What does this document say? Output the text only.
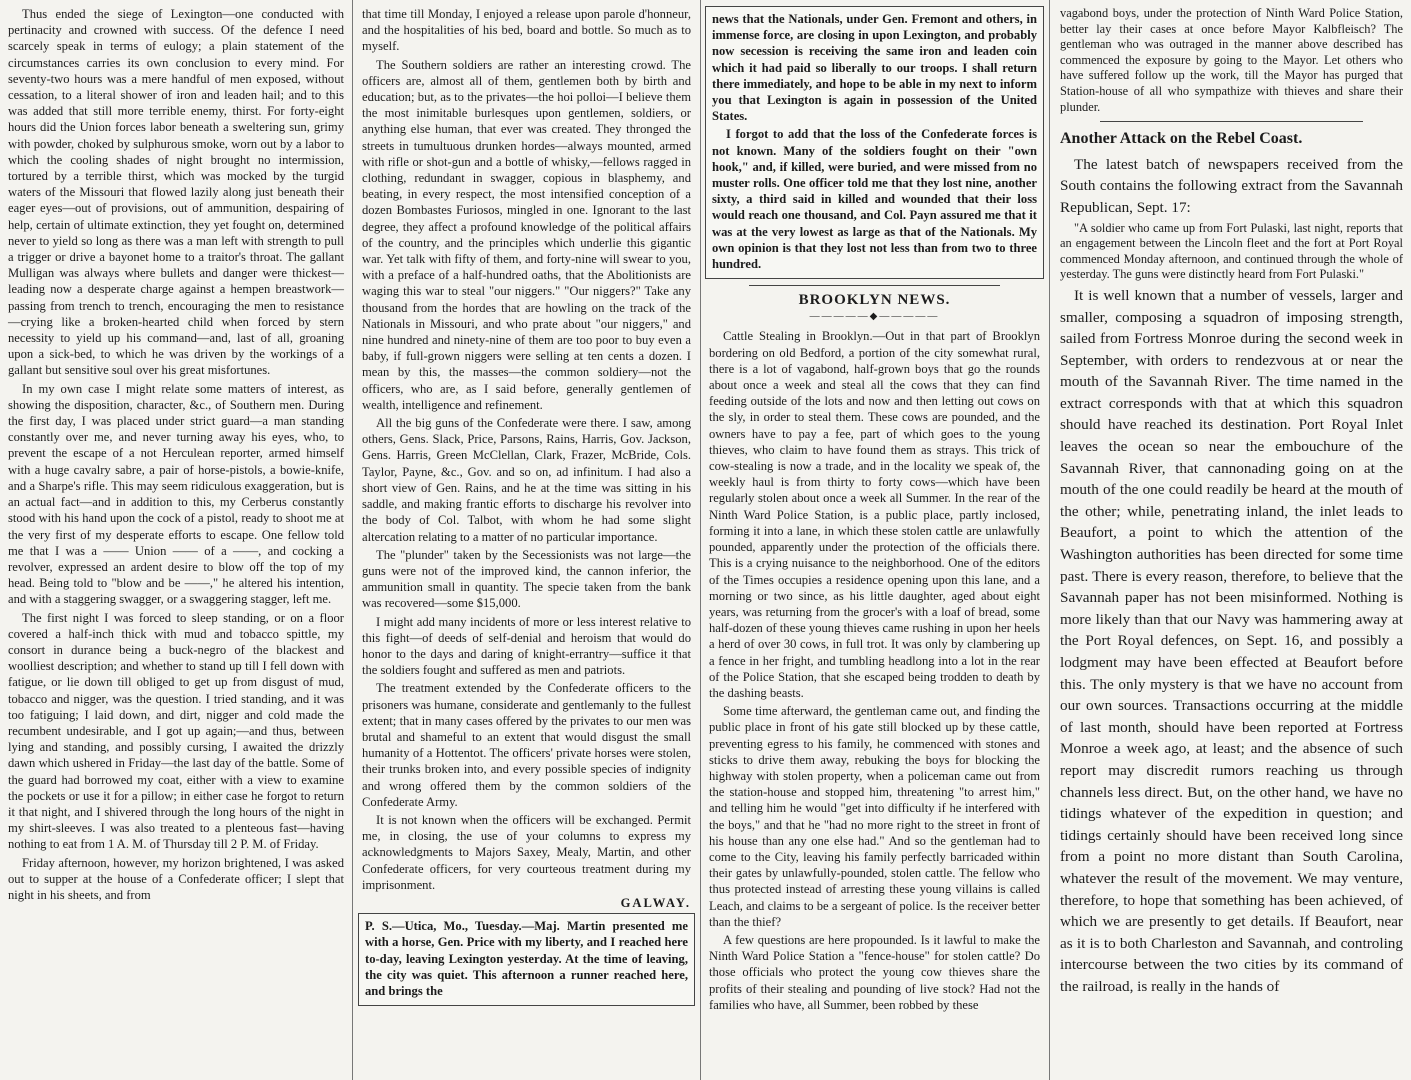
Thus ended the siege of Lexington—one conducted with pertinacity and crowned with success. Of the defence I need scarcely speak in terms of eulogy; a plain statement of the circumstances carries its own conclusion to every mind. For seventy-two hours was a mere handful of men exposed, without cessation, to a literal shower of iron and leaden hail; and to this was added that still more terrible enemy, thirst. For forty-eight hours did the Union forces labor beneath a sweltering sun, grimy with powder, choked by sulphurous smoke, worn out by a labor to which the cooling shades of night brought no intermission, tortured by a terrible thirst, which was mocked by the turgid waters of the Missouri that flowed lazily along just beneath their eager eyes—out of provisions, out of ammunition, despairing of help, certain of ultimate extinction, they yet fought on, determined never to yield so long as there was a man left with strength to pull a trigger or drive a bayonet home to a traitor's throat. The gallant Mulligan was always where bullets and danger were thickest—leading now a desperate charge against a hempen breastwork—passing from trench to trench, encouraging the men to resistance—crying like a broken-hearted child when forced by stern necessity to yield up his command—and, last of all, groaning upon a sick-bed, to which he was driven by the workings of a gallant but sensitive soul over his great misfortunes.

In my own case I might relate some matters of interest, as showing the disposition, character, &c., of Southern men. During the first day, I was placed under strict guard—a man standing constantly over me, and never turning away his eyes, who, to prevent the escape of a not Herculean reporter, armed himself with a huge cavalry sabre, a pair of horse-pistols, a bowie-knife, and a Sharpe's rifle. This may seem ridiculous exaggeration, but is an actual fact—and in addition to this, my Cerberus constantly stood with his hand upon the cock of a pistol, ready to shoot me at the very first of my desperate efforts to escape. One fellow told me that I was a —— Union —— of a ——, and cocking a revolver, expressed an ardent desire to blow off the top of my head. Being told to "blow and be ——," he altered his intention, and with a staggering swagger, or a swaggering stagger, left me.

The first night I was forced to sleep standing, or on a floor covered a half-inch thick with mud and tobacco spittle, my consort in durance being a buck-negro of the blackest and woolliest description; and whether to stand up till I fell down with fatigue, or lie down till obliged to get up from disgust of mud, tobacco and nigger, was the question. I tried standing, and it was too fatiguing; I laid down, and dirt, nigger and cold made the recumbent undesirable, and I got up again;—and thus, between lying and standing, and possibly cursing, I awaited the drizzly dawn which ushered in Friday—the last day of the battle. Some of the guard had borrowed my coat, either with a view to examine the pockets or use it for a pillow; in either case he forgot to return it that night, and I shivered through the long hours of the night in my shirt-sleeves. I was also treated to a plenteous fast—having nothing to eat from 1 A. M. of Thursday till 2 P. M. of Friday.

Friday afternoon, however, my horizon brightened, I was asked out to supper at the house of a Confederate officer; I slept that night in his sheets, and from

that time till Monday, I enjoyed a release upon parole d'honneur, and the hospitalities of his bed, board and bottle. So much as to myself.

The Southern soldiers are rather an interesting crowd. The officers are, almost all of them, gentlemen both by birth and education; but, as to the privates—the hoi polloi—I believe them the most inimitable burlesques upon gentlemen, soldiers, or anything else human, that ever was created. They thronged the streets in tumultuous drunken hordes—always mounted, armed with rifle or shot-gun and a bottle of whisky,—fellows ragged in clothing, redundant in swagger, copious in blasphemy, and beating, in every respect, the most intensified conception of a dozen Bombastes Furiosos, mingled in one. Ignorant to the last degree, they affect a profound knowledge of the political affairs of the country, and the principles which underlie this gigantic war. Yet talk with fifty of them, and forty-nine will swear to you, with a preface of a half-hundred oaths, that the Abolitionists are waging this war to steal "our niggers." "Our niggers?" Take any thousand from the hordes that are howling on the track of the Nationals in Missouri, and who prate about "our niggers," and nine hundred and ninety-nine of them are too poor to buy even a baby, if full-grown niggers were selling at ten cents a dozen. I mean by this, the masses—the common soldiery—not the officers, who are, as I said before, generally gentlemen of wealth, intelligence and refinement.

All the big guns of the Confederate were there. I saw, among others, Gens. Slack, Price, Parsons, Rains, Harris, Gov. Jackson, Gens. Harris, Green McClellan, Clark, Frazer, McBride, Cols. Taylor, Payne, &c., Gov. and so on, ad infinitum. I had also a short view of Gen. Rains, and he at the time was sitting in his saddle, and making frantic efforts to discharge his revolver into the body of Col. Talbot, with whom he had some slight altercation relating to a matter of no particular importance.

The "plunder" taken by the Secessionists was not large—the guns were not of the improved kind, the cannon inferior, the ammunition small in quantity. The specie taken from the bank was recovered—some $15,000.

I might add many incidents of more or less interest relative to this fight—of deeds of self-denial and heroism that would do honor to the days and daring of knight-errantry—suffice it that the soldiers fought and suffered as men and patriots.

The treatment extended by the Confederate officers to the prisoners was humane, considerate and gentlemanly to the fullest extent; that in many cases offered by the privates to our men was brutal and shameful to an extent that would disgust the small humanity of a Hottentot. The officers' private horses were stolen, their trunks broken into, and every possible species of indignity and wrong offered them by the common soldiers of the Confederate Army.

It is not known when the officers will be exchanged. Permit me, in closing, the use of your columns to express my acknowledgments to Majors Saxey, Mealy, Martin, and other Confederate officers, for very courteous treatment during my imprisonment.

GALWAY.

P. S.—Utica, Mo., Tuesday.—Maj. Martin presented me with a horse, Gen. Price with my liberty, and I reached here to-day, leaving Lexington yesterday. At the time of leaving, the city was quiet. This afternoon a runner reached here, and brings the

news that the Nationals, under Gen. Fremont and others, in immense force, are closing in upon Lexington, and probably now secession is receiving the same iron and leaden coin which it had paid so liberally to our troops. I shall return there immediately, and hope to be able in my next to inform you that Lexington is again in possession of the United States.

I forgot to add that the loss of the Confederate forces is not known. Many of the soldiers fought on their "own hook," and, if killed, were buried, and were missed from no muster rolls. One officer told me that they lost nine, another sixty, a third said in killed and wounded that their loss would reach one thousand, and Col. Payn assured me that it was at the very lowest as large as that of the Nationals. My own opinion is that they lost not less than from two to three hundred.

BROOKLYN NEWS.
—————◆—————

Cattle Stealing in Brooklyn.—Out in that part of Brooklyn bordering on old Bedford, a portion of the city somewhat rural, there is a lot of vagabond, half-grown boys that go the rounds about once a week and steal all the cows that they can find feeding outside of the lots and now and then letting out cows on the sly, in order to steal them. These cows are pounded, and the owners have to pay a fee, part of which goes to the young thieves, who claim to have found them as strays. This trick of cow-stealing is now a trade, and in the locality we speak of, the weekly haul is from thirty to forty cows—which have been regularly stolen about once a week all Summer. In the rear of the Ninth Ward Police Station, is a public place, partly inclosed, forming it into a lane, in which these stolen cattle are unlawfully pounded, apparently under the protection of the officials there. This is a crying nuisance to the neighborhood. One of the editors of the Times occupies a residence opening upon this lane, and a morning or two since, as his little daughter, aged about eight years, was returning from the grocer's with a loaf of bread, some half-dozen of these young thieves came rushing in upon her heels a herd of over 30 cows, in full trot. It was only by clambering up a fence in her fright, and tumbling headlong into a lot in the rear of the Police Station, that she escaped being trodden to death by the dashing beasts.

Some time afterward, the gentleman came out, and finding the public place in front of his gate still blocked up by these cattle, preventing egress to his family, he commenced with stones and sticks to drive them away, rebuking the boys for blocking the highway with stolen property, when a policeman came out from the station-house and stopped him, threatening "to arrest him," and telling him he would "get into difficulty if he interfered with the boys," and that he "had no more right to the street in front of his house than any one else had." And so the gentleman had to come to the City, leaving his family perfectly barricaded within their gates by unlawfully-pounded, stolen cattle. The fellow who thus protected instead of arresting these young villains is called Leach, and claims to be a sergeant of police. Is the receiver better than the thief?

A few questions are here propounded. Is it lawful to make the Ninth Ward Police Station a "fence-house" for stolen cattle? Do those officials who protect the young cow thieves share the profits of their stealing and pounding of live stock? Had not the families who have, all Summer, been robbed by these

vagabond boys, under the protection of Ninth Ward Police Station, better lay their cases at once before Mayor Kalbfleisch? The gentleman who was outraged in the manner above described has commenced the exposure by going to the Mayor. Let others who have suffered follow up the work, till the Mayor has purged that Station-house of all who sympathize with thieves and share their plunder.

Another Attack on the Rebel Coast.

The latest batch of newspapers received from the South contains the following extract from the Savannah Republican, Sept. 17:

"A soldier who came up from Fort Pulaski, last night, reports that an engagement between the Lincoln fleet and the fort at Port Royal commenced Monday afternoon, and continued through the whole of yesterday. The guns were distinctly heard from Fort Pulaski."

It is well known that a number of vessels, larger and smaller, composing a squadron of imposing strength, sailed from Fortress Monroe during the second week in September, with orders to rendezvous at or near the mouth of the Savannah River. The time named in the extract corresponds with that at which this squadron should have reached its destination. Port Royal Inlet leaves the ocean so near the embouchure of the Savannah River, that cannonading going on at the mouth of the one could readily be heard at the mouth of the other; while, penetrating inland, the inlet leads to Beaufort, a point to which the attention of the Washington authorities has been directed for some time past. There is every reason, therefore, to believe that the Savannah paper has not been misinformed. Nothing is more likely than that our Navy was hammering away at the Port Royal defences, on Sept. 16, and possibly a lodgment may have been effected at Beaufort before this. The only mystery is that we have no account from our own sources. Transactions occurring at the middle of last month, should have been reported at Fortress Monroe a week ago, at least; and the absence of such report may discredit rumors reaching us through channels less direct. But, on the other hand, we have no tidings whatever of the expedition in question; and tidings certainly should have been received long since from a point no more distant than South Carolina, whatever the result of the movement. We may venture, therefore, to hope that something has been achieved, of which we are presently to get details. If Beaufort, near as it is to both Charleston and Savannah, and controling intercourse between the two cities by its command of the railroad, is really in the hands of
